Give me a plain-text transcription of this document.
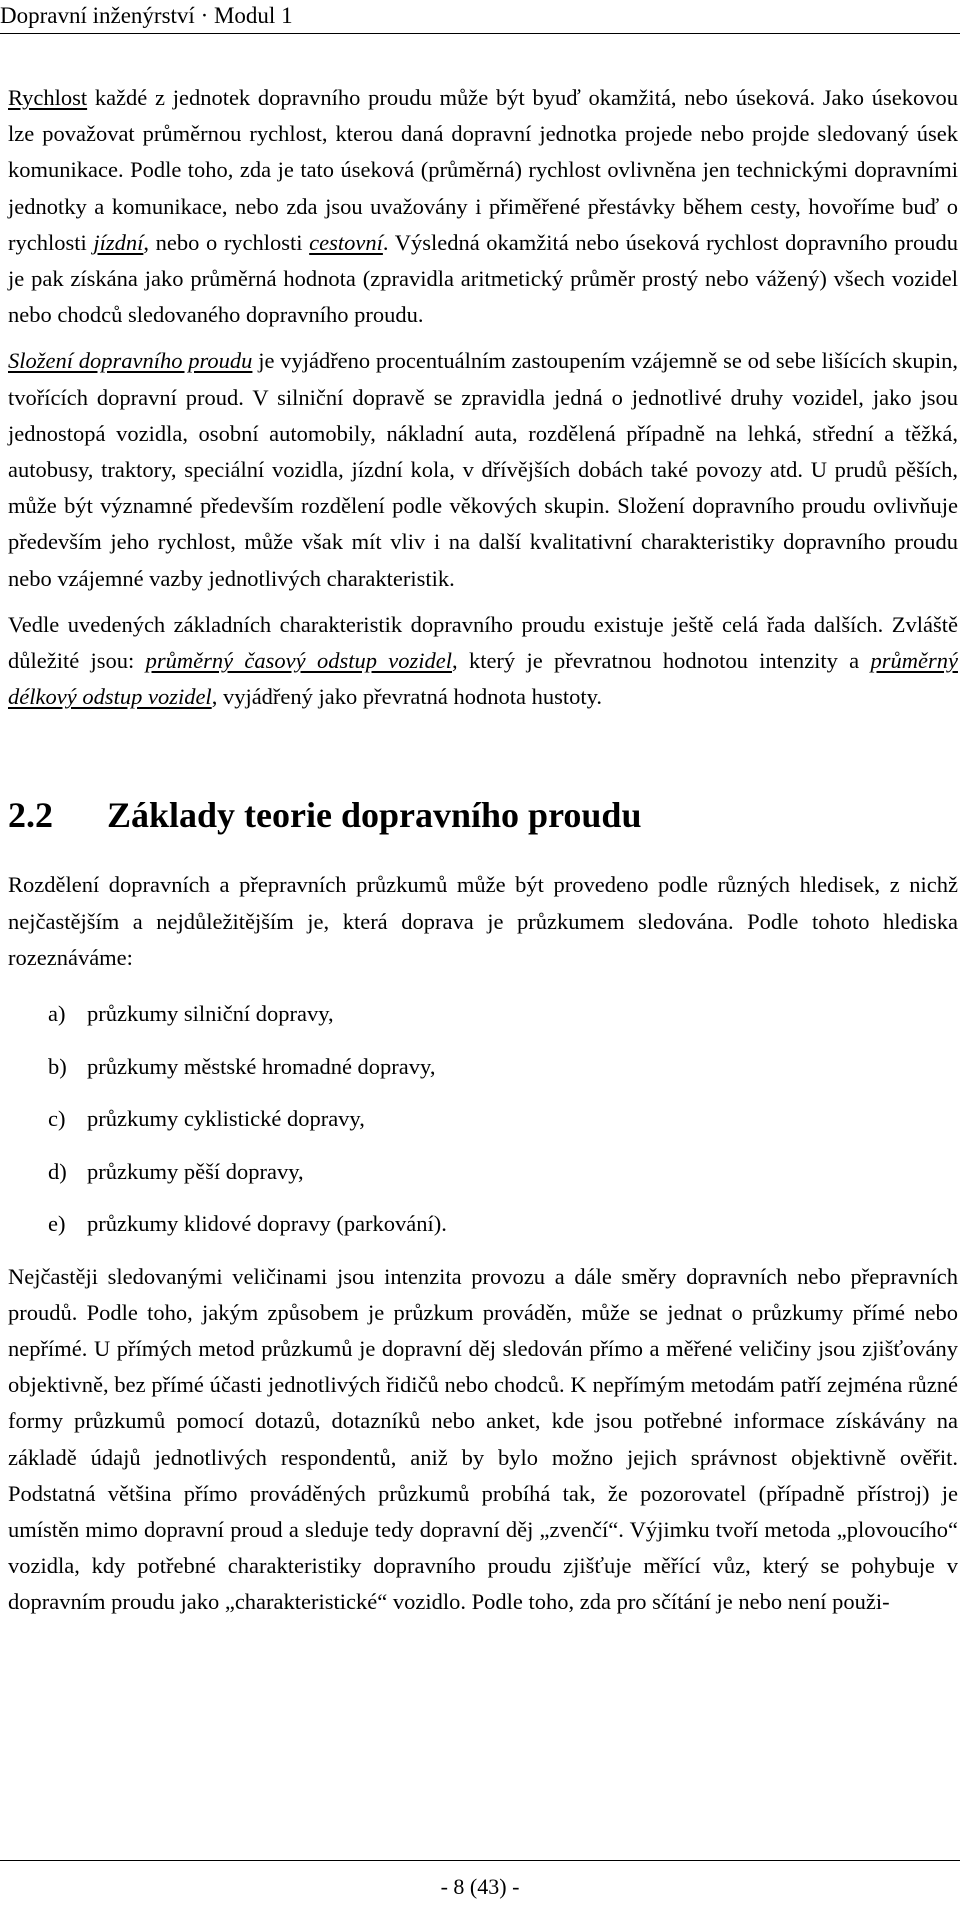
Dopravní inženýrství · Modul 1

Rychlost každé z jednotek dopravního proudu může být byuď okamžitá, nebo úseková. Jako úsekovou lze považovat průměrnou rychlost, kterou daná dopravní jednotka projede nebo projde sledovaný úsek komunikace. Podle toho, zda je tato úseková (průměrná) rychlost ovlivněna jen technickými dopravními jednotky a komunikace, nebo zda jsou uvažovány i přiměřené přestávky během cesty, hovoříme buď o rychlosti jízdní, nebo o rychlosti cestovní. Výsledná okamžitá nebo úseková rychlost dopravního proudu je pak získána jako průměrná hodnota (zpravidla aritmetický průměr prostý nebo vážený) všech vozidel nebo chodců sledovaného dopravního proudu.

Složení dopravního proudu je vyjádřeno procentuálním zastoupením vzájemně se od sebe lišících skupin, tvořících dopravní proud. V silniční dopravě se zpravidla jedná o jednotlivé druhy vozidel, jako jsou jednostopá vozidla, osobní automobily, nákladní auta, rozdělená případně na lehká, střední a těžká, autobusy, traktory, speciální vozidla, jízdní kola, v dřívějších dobách také povozy atd. U prudů pěších, může být významné především rozdělení podle věkových skupin. Složení dopravního proudu ovlivňuje především jeho rychlost, může však mít vliv i na další kvalitativní charakteristiky dopravního proudu nebo vzájemné vazby jednotlivých charakteristik.

Vedle uvedených základních charakteristik dopravního proudu existuje ještě celá řada dalších. Zvláště důležité jsou: průměrný časový odstup vozidel, který je převratnou hodnotou intenzity a průměrný délkový odstup vozidel, vyjádřený jako převratná hodnota hustoty.

2.2 Základy teorie dopravního proudu

Rozdělení dopravních a přepravních průzkumů může být provedeno podle různých hledisek, z nichž nejčastějším a nejdůležitějším je, která doprava je průzkumem sledována. Podle tohoto hlediska rozeznáváme:

a) průzkumy silniční dopravy,
b) průzkumy městské hromadné dopravy,
c) průzkumy cyklistické dopravy,
d) průzkumy pěší dopravy,
e) průzkumy klidové dopravy (parkování).

Nejčastěji sledovanými veličinami jsou intenzita provozu a dále směry dopravních nebo přepravních proudů. Podle toho, jakým způsobem je průzkum prováděn, může se jednat o průzkumy přímé nebo nepřímé. U přímých metod průzkumů je dopravní děj sledován přímo a měřené veličiny jsou zjišťovány objektivně, bez přímé účasti jednotlivých řidičů nebo chodců. K nepřímým metodám patří zejména různé formy průzkumů pomocí dotazů, dotazníků nebo anket, kde jsou potřebné informace získávány na základě údajů jednotlivých respondentů, aniž by bylo možno jejich správnost objektivně ověřit. Podstatná většina přímo prováděných průzkumů probíhá tak, že pozorovatel (případně přístroj) je umístěn mimo dopravní proud a sleduje tedy dopravní děj „zvenčí“. Výjimku tvoří metoda „plovoucího“ vozidla, kdy potřebné charakteristiky dopravního proudu zjišťuje měřící vůz, který se pohybuje v dopravním proudu jako „charakteristické“ vozidlo. Podle toho, zda pro sčítání je nebo není použi-

- 8 (43) -
